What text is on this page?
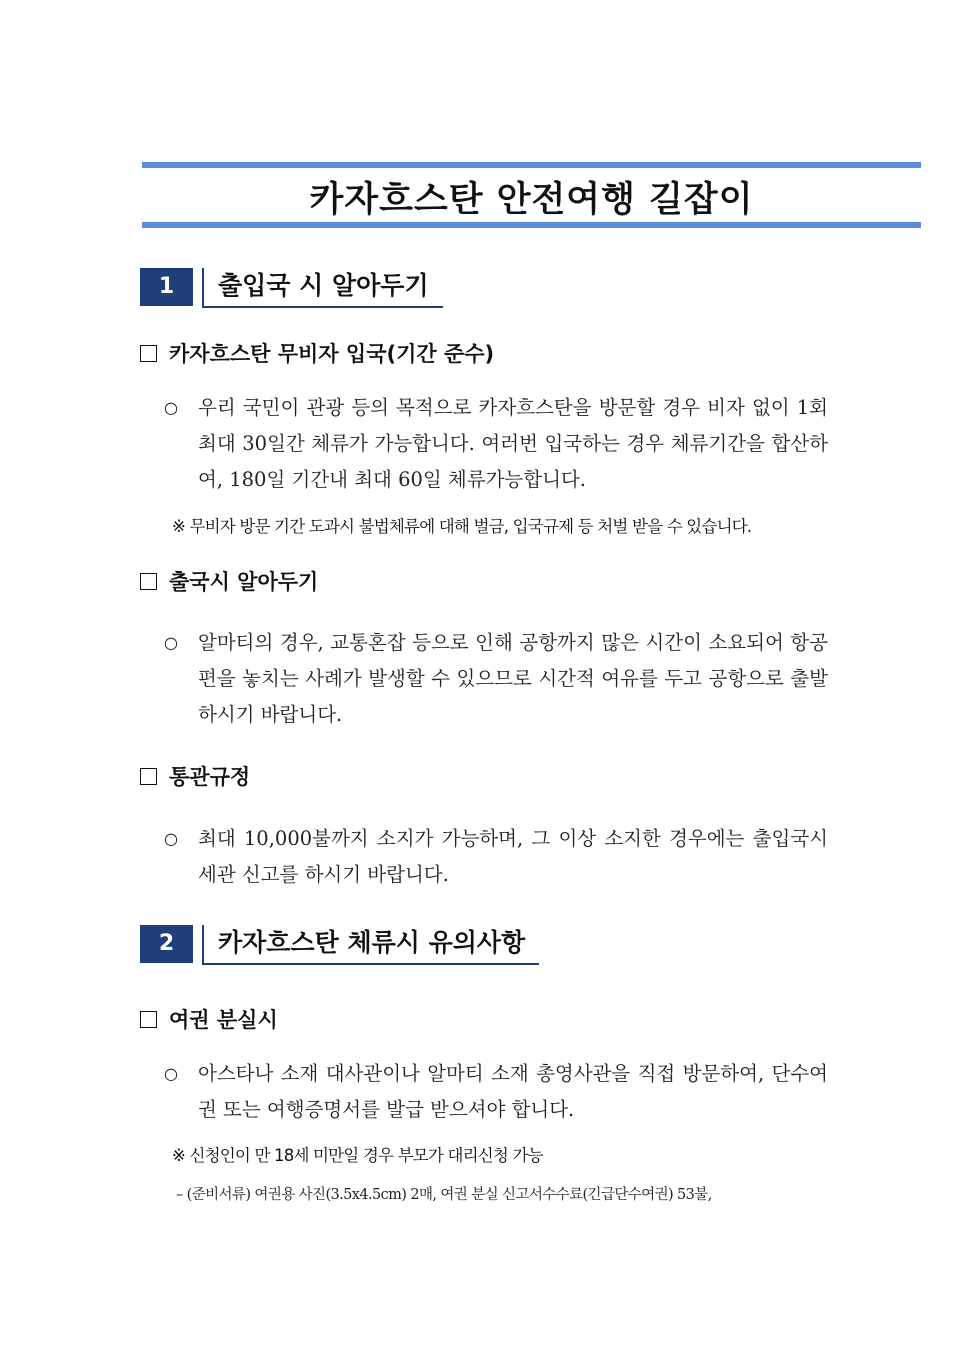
카자흐스탄 안전여행 길잡이
1	출입국 시 알아두기
카자흐스탄 무비자 입국(기간 준수)
○ 우리 국민이 관광 등의 목적으로 카자흐스탄을 방문할 경우 비자 없이 1회 최대 30일간 체류가 가능합니다. 여러번 입국하는 경우 체류기간을 합산하여, 180일 기간내 최대 60일 체류가능합니다.
※ 무비자 방문 기간 도과시 불법체류에 대해 벌금, 입국규제 등 처벌 받을 수 있습니다.
출국시 알아두기
○ 알마티의 경우, 교통혼잡 등으로 인해 공항까지 많은 시간이 소요되어 항공편을 놓치는 사례가 발생할 수 있으므로 시간적 여유를 두고 공항으로 출발하시기 바랍니다.
통관규정
○ 최대 10,000불까지 소지가 가능하며, 그 이상 소지한 경우에는 출입국시 세관 신고를 하시기 바랍니다.
2	카자흐스탄 체류시 유의사항
여권 분실시
○ 아스타나 소재 대사관이나 알마티 소재 총영사관을 직접 방문하여, 단수여권 또는 여행증명서를 발급 받으셔야 합니다.
※ 신청인이 만 18세 미만일 경우 부모가 대리신청 가능
– (준비서류) 여권용 사진(3.5x4.5cm) 2매, 여권 분실 신고서수수료(긴급단수여권) 53불,
